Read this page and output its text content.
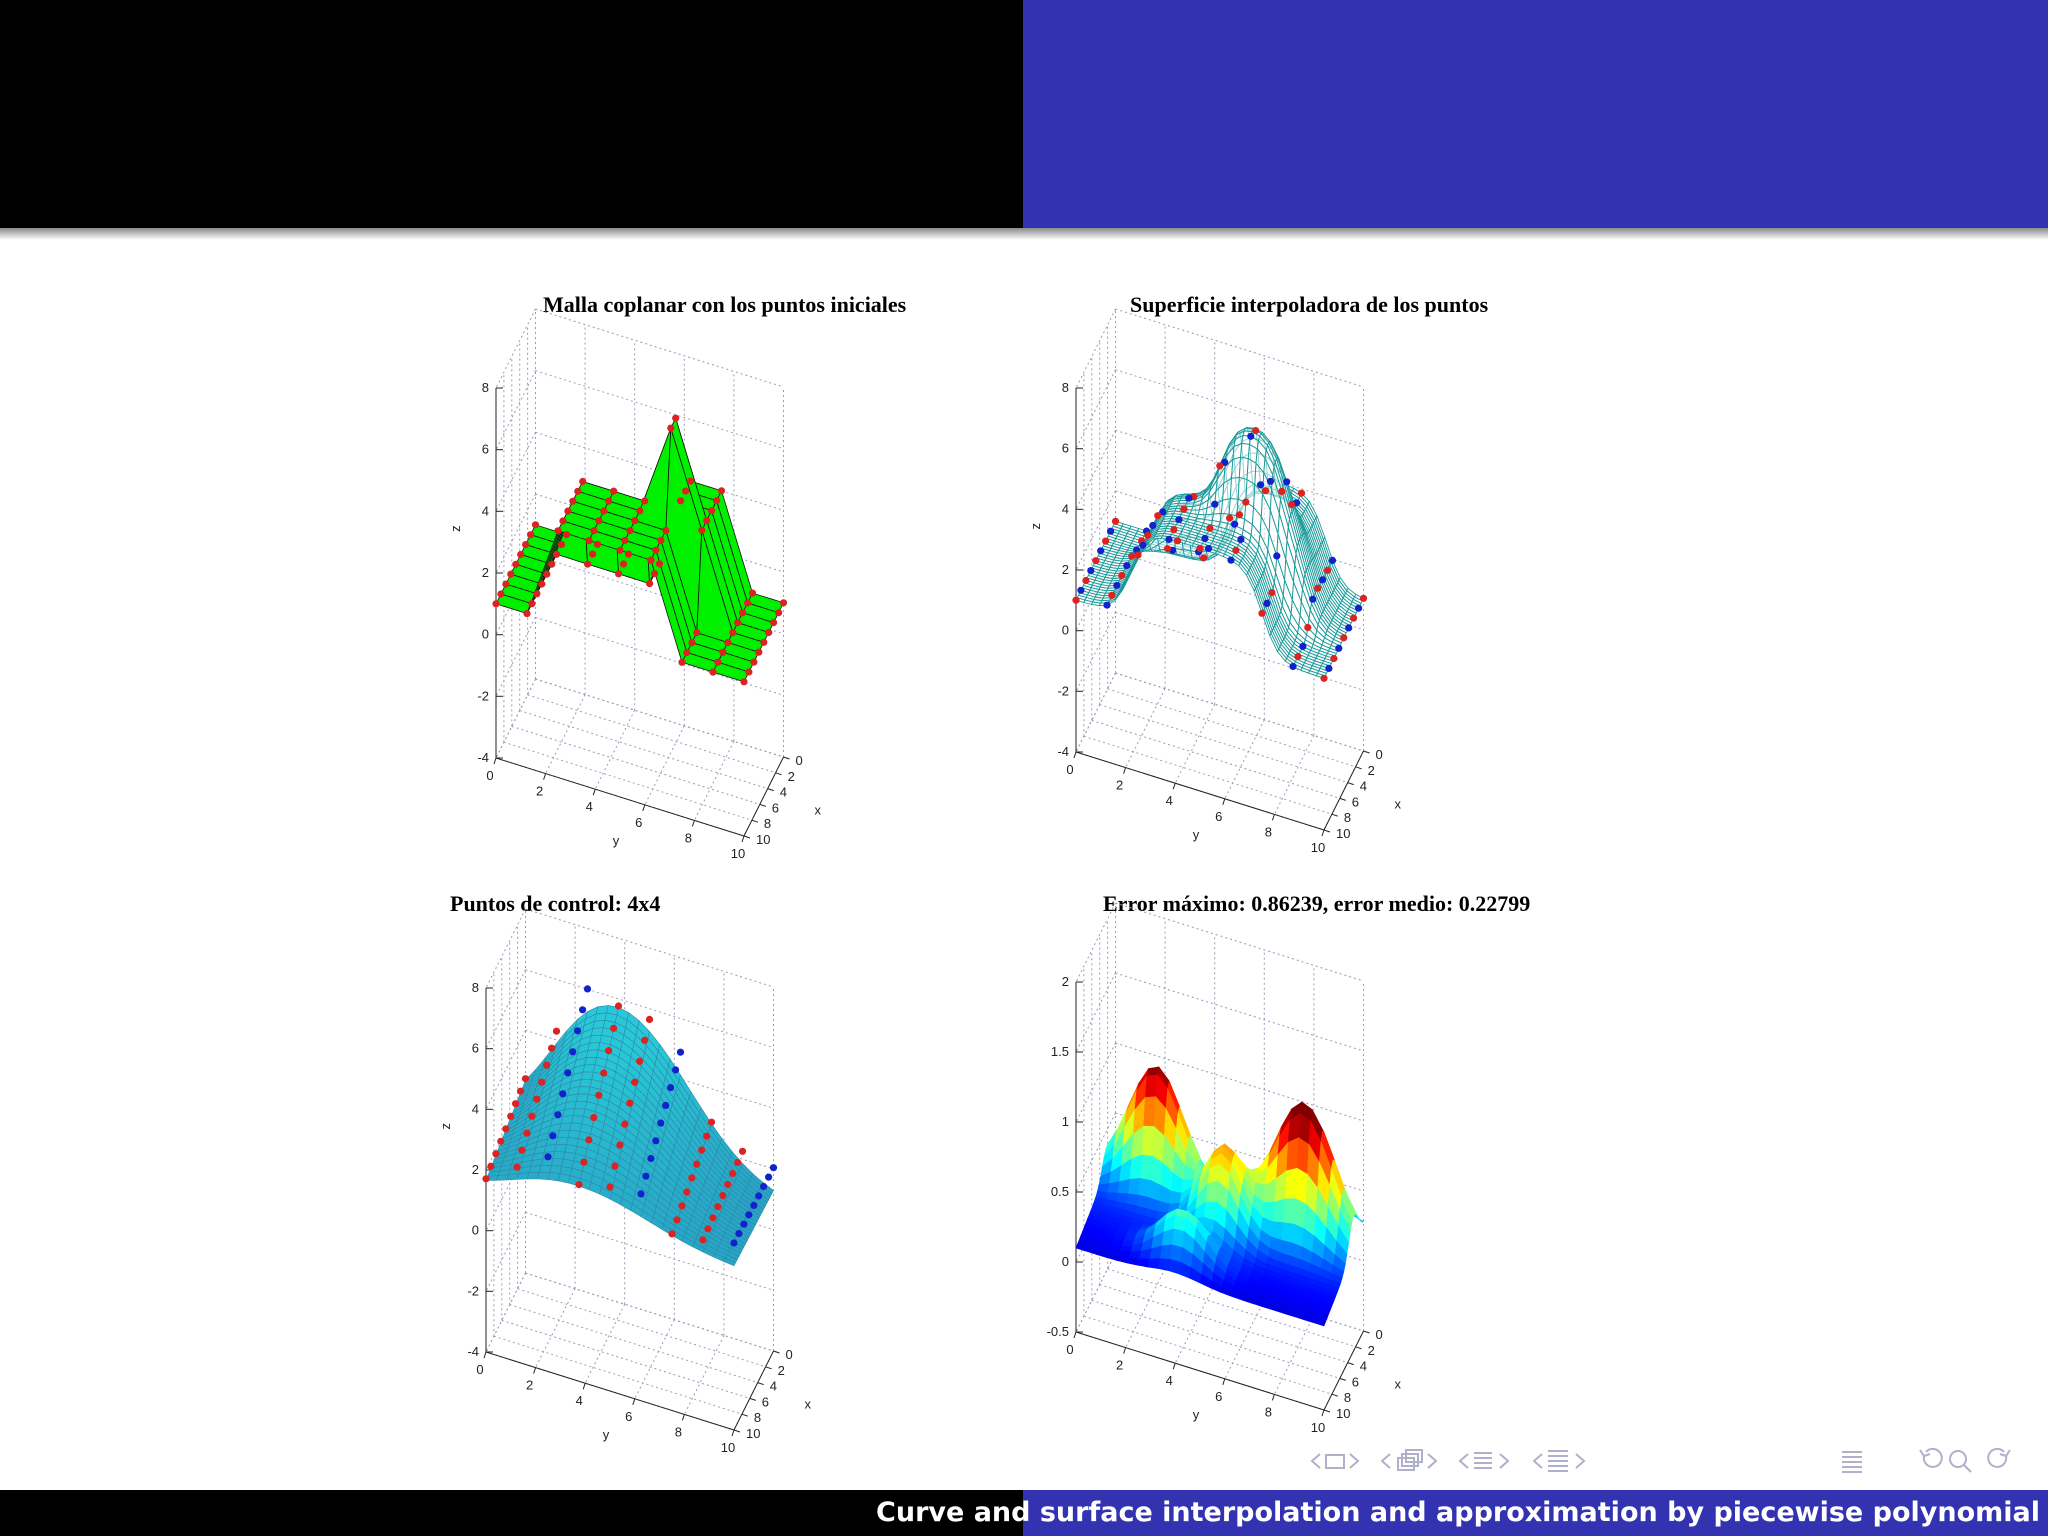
Malla coplanar con los puntos iniciales
-4
-2
0
2
4
6
8
0
2
4
6
8
10
0
2
4
6
8
10
y
x
z
Superficie interpoladora de los puntos
-4
-2
0
2
4
6
8
0
2
4
6
8
10
0
2
4
6
8
10
y
x
z
Puntos de control: 4x4
-4
-2
0
2
4
6
8
0
2
4
6
8
10
0
2
4
6
8
10
y
x
z
Error máximo: 0.86239, error medio: 0.22799
-0.5
0
0.5
1
1.5
2
0
2
4
6
8
10
0
2
4
6
8
10
y
x
Curve and surface interpolation and approximation by piecewise polynomial
